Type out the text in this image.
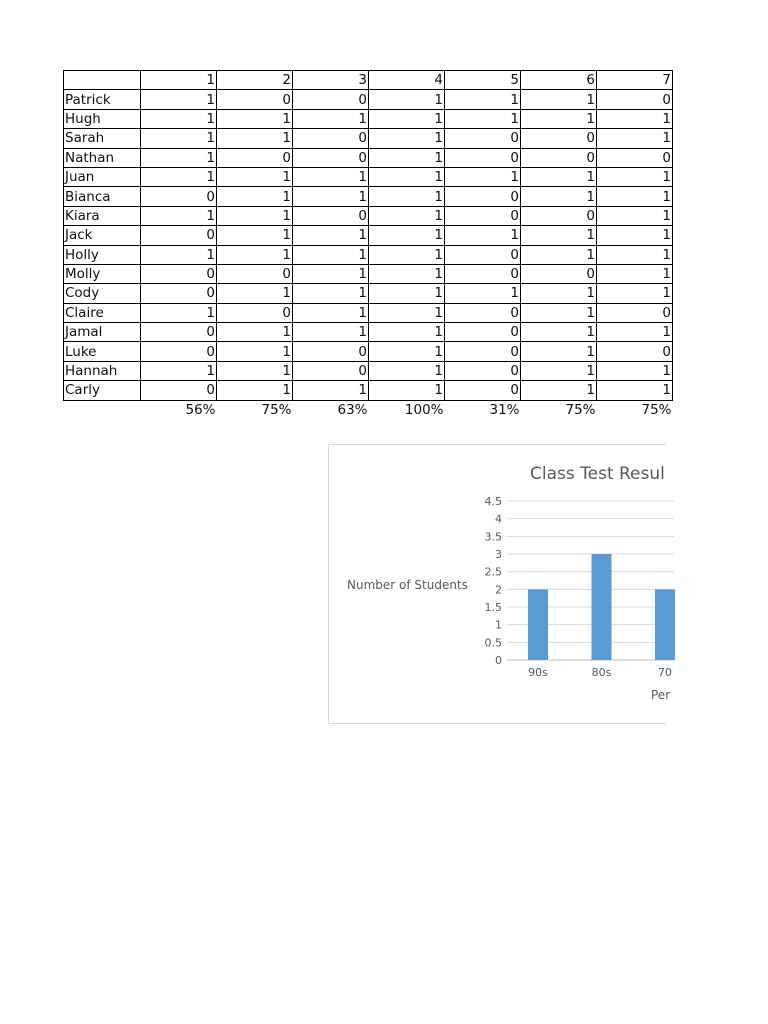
	1	2	3	4	5	6	7
Patrick	1	0	0	1	1	1	0
Hugh	1	1	1	1	1	1	1
Sarah	1	1	0	1	0	0	1
Nathan	1	0	0	1	0	0	0
Juan	1	1	1	1	1	1	1
Bianca	0	1	1	1	0	1	1
Kiara	1	1	0	1	0	0	1
Jack	0	1	1	1	1	1	1
Holly	1	1	1	1	0	1	1
Molly	0	0	1	1	0	0	1
Cody	0	1	1	1	1	1	1
Claire	1	0	1	1	0	1	0
Jamal	0	1	1	1	0	1	1
Luke	0	1	0	1	0	1	0
Hannah	1	1	0	1	0	1	1
Carly	0	1	1	1	0	1	1
	56%	75%	63%	100%	31%	75%	75%
Class Test Resul
Number of Students
Per
0
0.5
1
1.5
2
2.5
3
3.5
4
4.5
90s	80s	70
